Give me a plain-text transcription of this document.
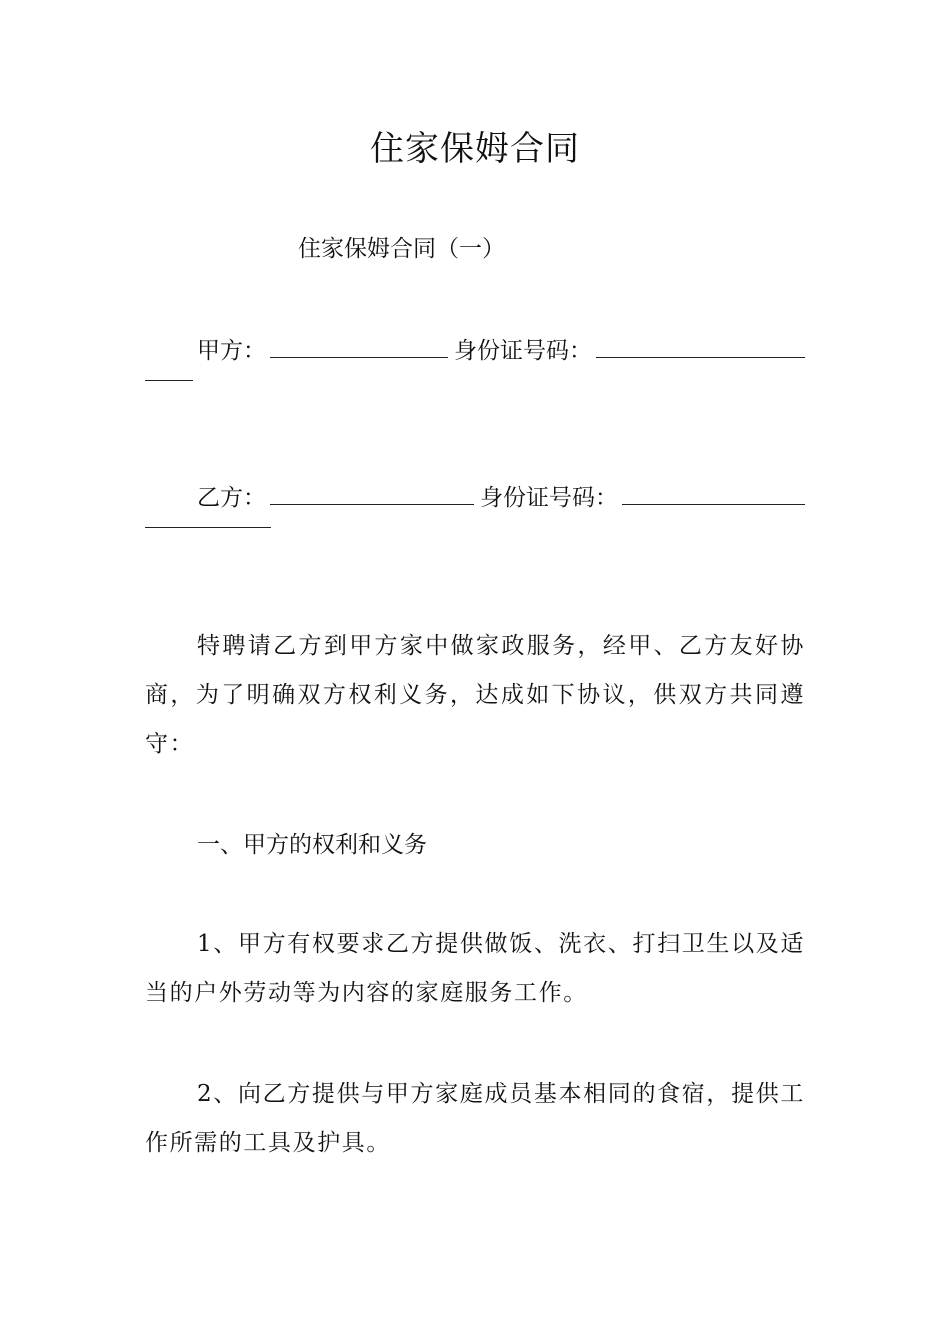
住家保姆合同

住家保姆合同（一）

甲方：	身份证号码：
乙方：	身份证号码：

特聘请乙方到甲方家中做家政服务，经甲、乙方友好协商，为了明确双方权利义务，达成如下协议，供双方共同遵守：

一、甲方的权利和义务

1、甲方有权要求乙方提供做饭、洗衣、打扫卫生以及适当的户外劳动等为内容的家庭服务工作。

2、向乙方提供与甲方家庭成员基本相同的食宿，提供工作所需的工具及护具。
